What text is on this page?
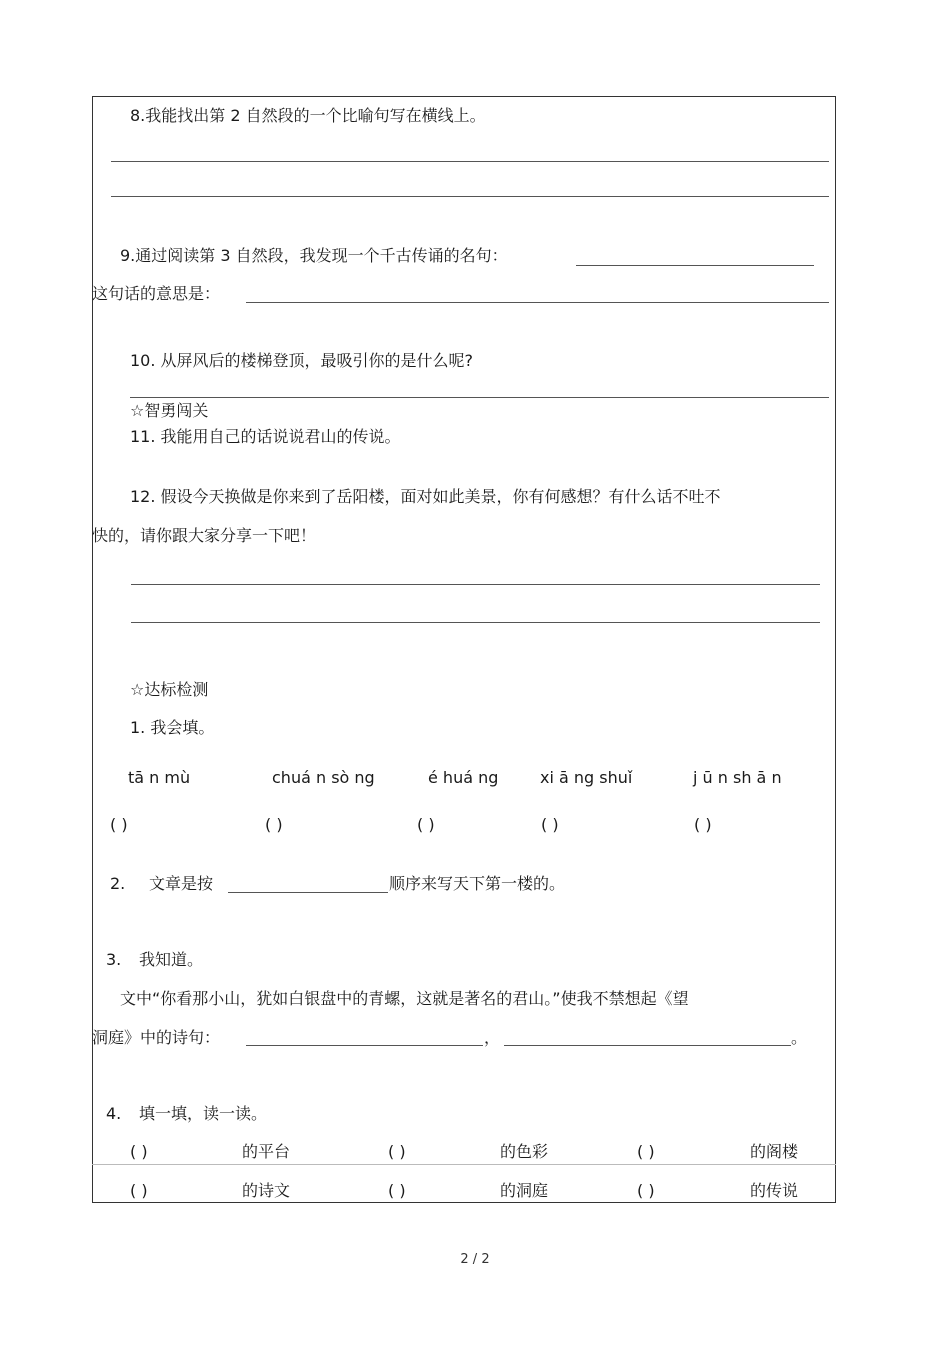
8.我能找出第 2 自然段的一个比喻句写在横线上。
9.通过阅读第 3 自然段，我发现一个千古传诵的名句：
这句话的意思是：
10. 从屏风后的楼梯登顶，最吸引你的是什么呢?
☆智勇闯关
11. 我能用自己的话说说君山的传说。
12. 假设今天换做是你来到了岳阳楼，面对如此美景，你有何感想？有什么话不吐不
快的，请你跟大家分享一下吧！
☆达标检测
1. 我会填。
tā n mù	chuá n sò ng	é huá ng	xi ā ng shuǐ	j ū n sh ā n
( )	( )	( )	( )	( )
2. 文章是按	顺序来写天下第一楼的。
3. 我知道。
文中“你看那小山，犹如白银盘中的青螺，这就是著名的君山。”使我不禁想起《望
洞庭》中的诗句：	，	。
4. 填一填，读一读。
( )	的平台	( )	的色彩	( )	的阁楼
( )	的诗文	( )	的洞庭	( )	的传说
2 / 2
